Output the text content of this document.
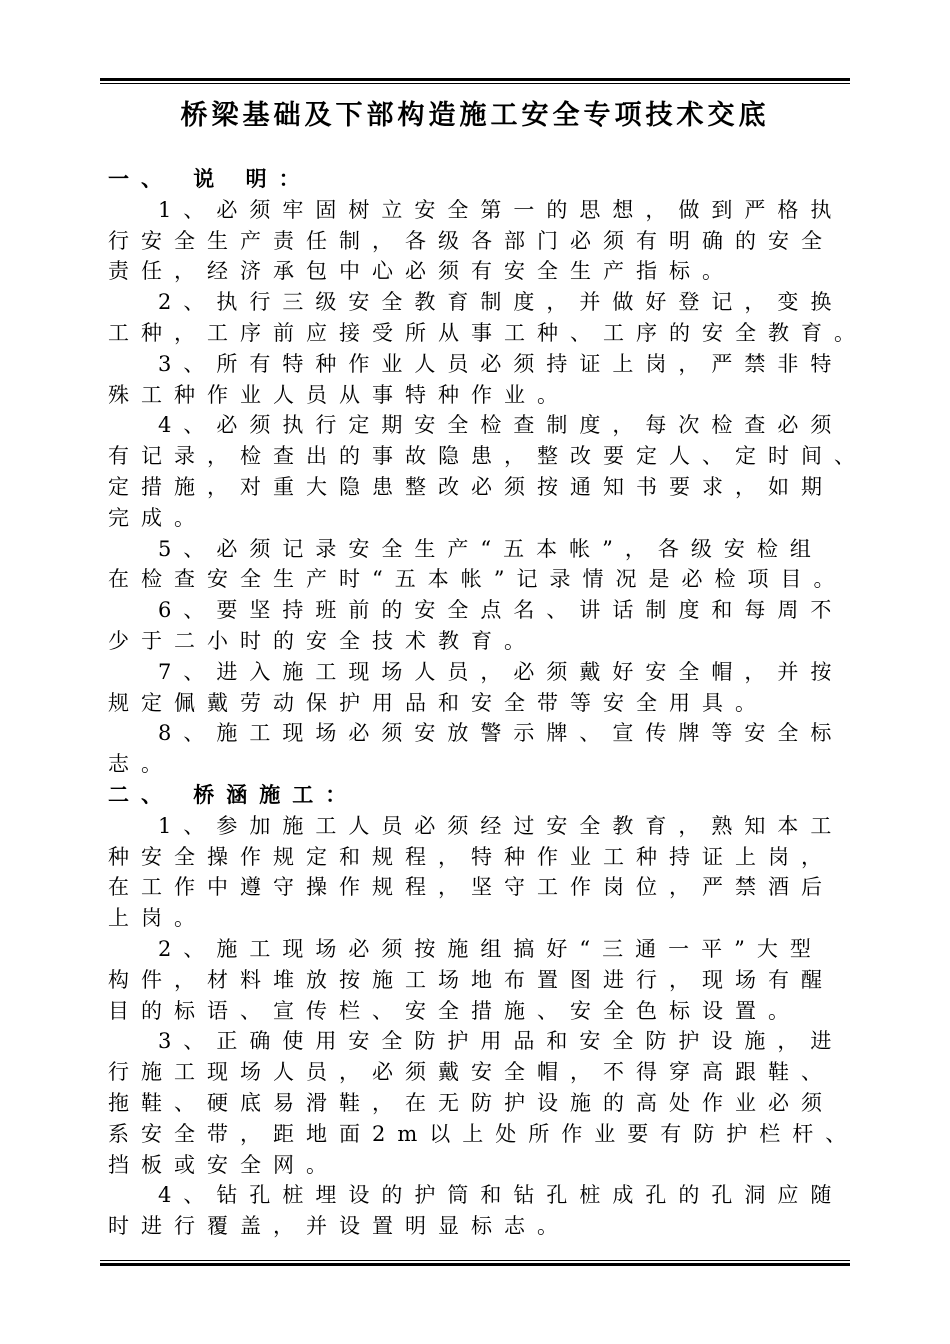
桥梁基础及下部构造施工安全专项技术交底
一、 说 明：
1、必须牢固树立安全第一的思想，做到严格执
行安全生产责任制，各级各部门必须有明确的安全
责任，经济承包中心必须有安全生产指标。
2、执行三级安全教育制度，并做好登记，变换
工种，工序前应接受所从事工种、工序的安全教育。
3、所有特种作业人员必须持证上岗，严禁非特
殊工种作业人员从事特种作业。
4、必须执行定期安全检查制度，每次检查必须
有记录，检查出的事故隐患，整改要定人、定时间、
定措施，对重大隐患整改必须按通知书要求，如期
完成。
5、必须记录安全生产“五本帐”，各级安检组
在检查安全生产时“五本帐”记录情况是必检项目。
6、要坚持班前的安全点名、讲话制度和每周不
少于二小时的安全技术教育。
7、进入施工现场人员，必须戴好安全帽，并按
规定佩戴劳动保护用品和安全带等安全用具。
8、施工现场必须安放警示牌、宣传牌等安全标
志。
二、 桥涵施工：
1、参加施工人员必须经过安全教育，熟知本工
种安全操作规定和规程，特种作业工种持证上岗，
在工作中遵守操作规程，坚守工作岗位，严禁酒后
上岗。
2、施工现场必须按施组搞好“三通一平”大型
构件，材料堆放按施工场地布置图进行，现场有醒
目的标语、宣传栏、安全措施、安全色标设置。
3、正确使用安全防护用品和安全防护设施，进
行施工现场人员，必须戴安全帽，不得穿高跟鞋、
拖鞋、硬底易滑鞋，在无防护设施的高处作业必须
系安全带，距地面2m以上处所作业要有防护栏杆、
挡板或安全网。
4、钻孔桩埋设的护筒和钻孔桩成孔的孔洞应随
时进行覆盖，并设置明显标志。
